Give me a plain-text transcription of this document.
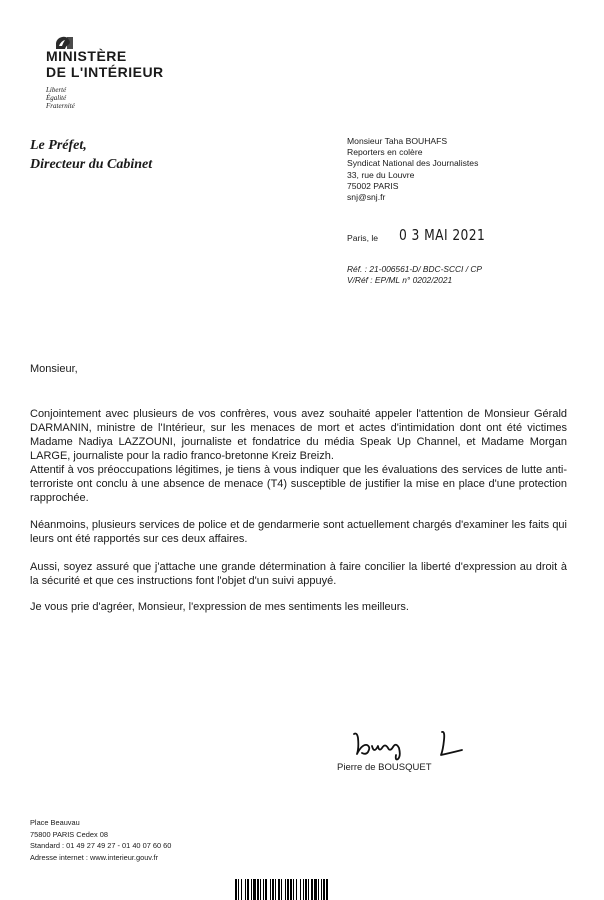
MINISTÈRE
DE L'INTÉRIEUR
Liberté
Égalité
Fraternité
Le Préfet,
Directeur du Cabinet
Monsieur Taha BOUHAFS
Reporters en colère
Syndicat National des Journalistes
33, rue du Louvre
75002 PARIS
snj@snj.fr
Paris, le 0 3 MAI 2021
Réf. : 21-006561-D/ BDC-SCCI / CP
V/Réf : EP/ML n° 0202/2021
Monsieur,
Conjointement avec plusieurs de vos confrères, vous avez souhaité appeler l'attention de Monsieur Gérald DARMANIN, ministre de l'Intérieur, sur les menaces de mort et actes d'intimidation dont ont été victimes Madame Nadiya LAZZOUNI, journaliste et fondatrice du média Speak Up Channel, et Madame Morgan LARGE, journaliste pour la radio franco-bretonne Kreiz Breizh.
Attentif à vos préoccupations légitimes, je tiens à vous indiquer que les évaluations des services de lutte anti-terroriste ont conclu à une absence de menace (T4) susceptible de justifier la mise en place d'une protection rapprochée.
Néanmoins, plusieurs services de police et de gendarmerie sont actuellement chargés d'examiner les faits qui leurs ont été rapportés sur ces deux affaires.
Aussi, soyez assuré que j'attache une grande détermination à faire concilier la liberté d'expression au droit à la sécurité et que ces instructions font l'objet d'un suivi appuyé.
Je vous prie d'agréer, Monsieur, l'expression de mes sentiments les meilleurs.
Pierre de BOUSQUET
Place Beauvau
75800 PARIS Cedex 08
Standard : 01 49 27 49 27 - 01 40 07 60 60
Adresse internet : www.interieur.gouv.fr
